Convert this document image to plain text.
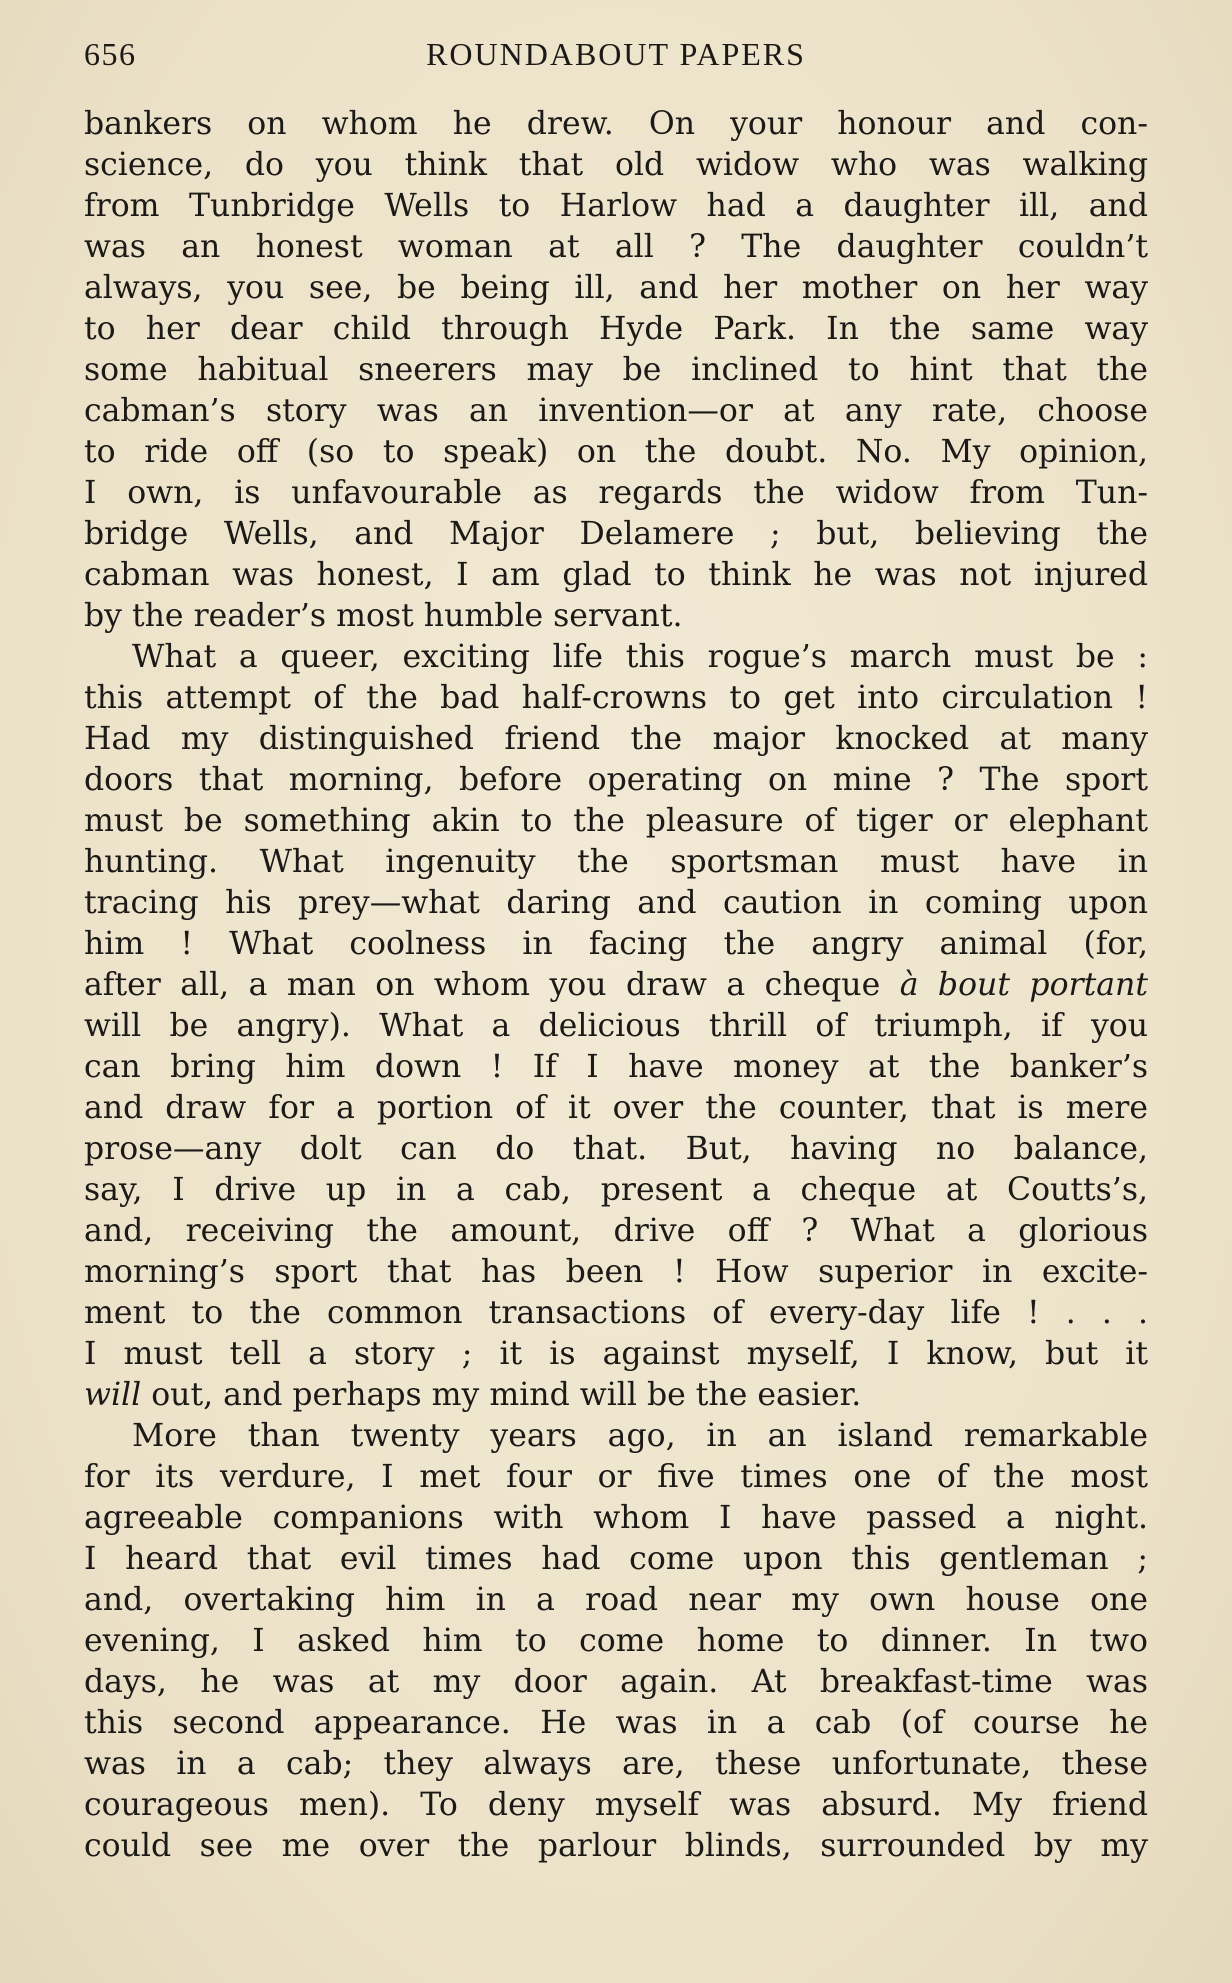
656	ROUNDABOUT PAPERS
bankers on whom he drew. On your honour and con-
science, do you think that old widow who was walking
from Tunbridge Wells to Harlow had a daughter ill, and
was an honest woman at all ? The daughter couldn’t
always, you see, be being ill, and her mother on her way
to her dear child through Hyde Park. In the same way
some habitual sneerers may be inclined to hint that the
cabman’s story was an invention—or at any rate, choose
to ride off (so to speak) on the doubt. No. My opinion,
I own, is unfavourable as regards the widow from Tun-
bridge Wells, and Major Delamere ; but, believing the
cabman was honest, I am glad to think he was not injured
by the reader’s most humble servant.
What a queer, exciting life this rogue’s march must be :
this attempt of the bad half-crowns to get into circulation !
Had my distinguished friend the major knocked at many
doors that morning, before operating on mine ? The sport
must be something akin to the pleasure of tiger or elephant
hunting. What ingenuity the sportsman must have in
tracing his prey—what daring and caution in coming upon
him ! What coolness in facing the angry animal (for,
after all, a man on whom you draw a cheque à bout portant
will be angry). What a delicious thrill of triumph, if you
can bring him down ! If I have money at the banker’s
and draw for a portion of it over the counter, that is mere
prose—any dolt can do that. But, having no balance,
say, I drive up in a cab, present a cheque at Coutts’s,
and, receiving the amount, drive off ? What a glorious
morning’s sport that has been ! How superior in excite-
ment to the common transactions of every-day life ! . . .
I must tell a story ; it is against myself, I know, but it
will out, and perhaps my mind will be the easier.
More than twenty years ago, in an island remarkable
for its verdure, I met four or five times one of the most
agreeable companions with whom I have passed a night.
I heard that evil times had come upon this gentleman ;
and, overtaking him in a road near my own house one
evening, I asked him to come home to dinner. In two
days, he was at my door again. At breakfast-time was
this second appearance. He was in a cab (of course he
was in a cab; they always are, these unfortunate, these
courageous men). To deny myself was absurd. My friend
could see me over the parlour blinds, surrounded by my
